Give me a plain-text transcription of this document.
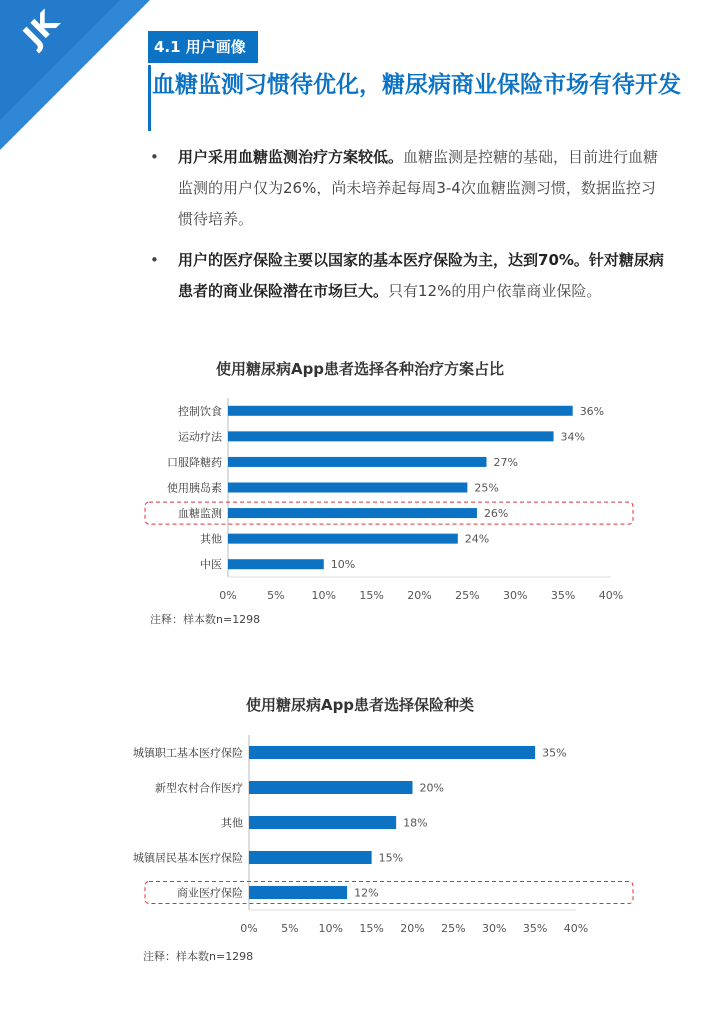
JK	4.1 用户画像
血糖监测习惯待优化，糖尿病商业保险市场有待开发
• 用户采用血糖监测治疗方案较低。血糖监测是控糖的基础，目前进行血糖监测的用户仅为26%，尚未培养起每周3-4次血糖监测习惯，数据监控习惯待培养。
• 用户的医疗保险主要以国家的基本医疗保险为主，达到70%。针对糖尿病患者的商业保险潜在市场巨大。只有12%的用户依靠商业保险。
使用糖尿病App患者选择各种治疗方案占比
控制饮食	36%
运动疗法	34%
口服降糖药	27%
使用胰岛素	25%
血糖监测	26%
其他	24%
中医	10%
0%	5% 10% 15% 20% 25% 30% 35% 40%
注释：样本数n=1298
使用糖尿病App患者选择保险种类
城镇职工基本医疗保险	35%
新型农村合作医疗	20%
其他	18%
城镇居民基本医疗保险	15%
商业医疗保险	12%
0% 5% 10% 15% 20% 25% 30% 35% 40%
注释：样本数n=1298
